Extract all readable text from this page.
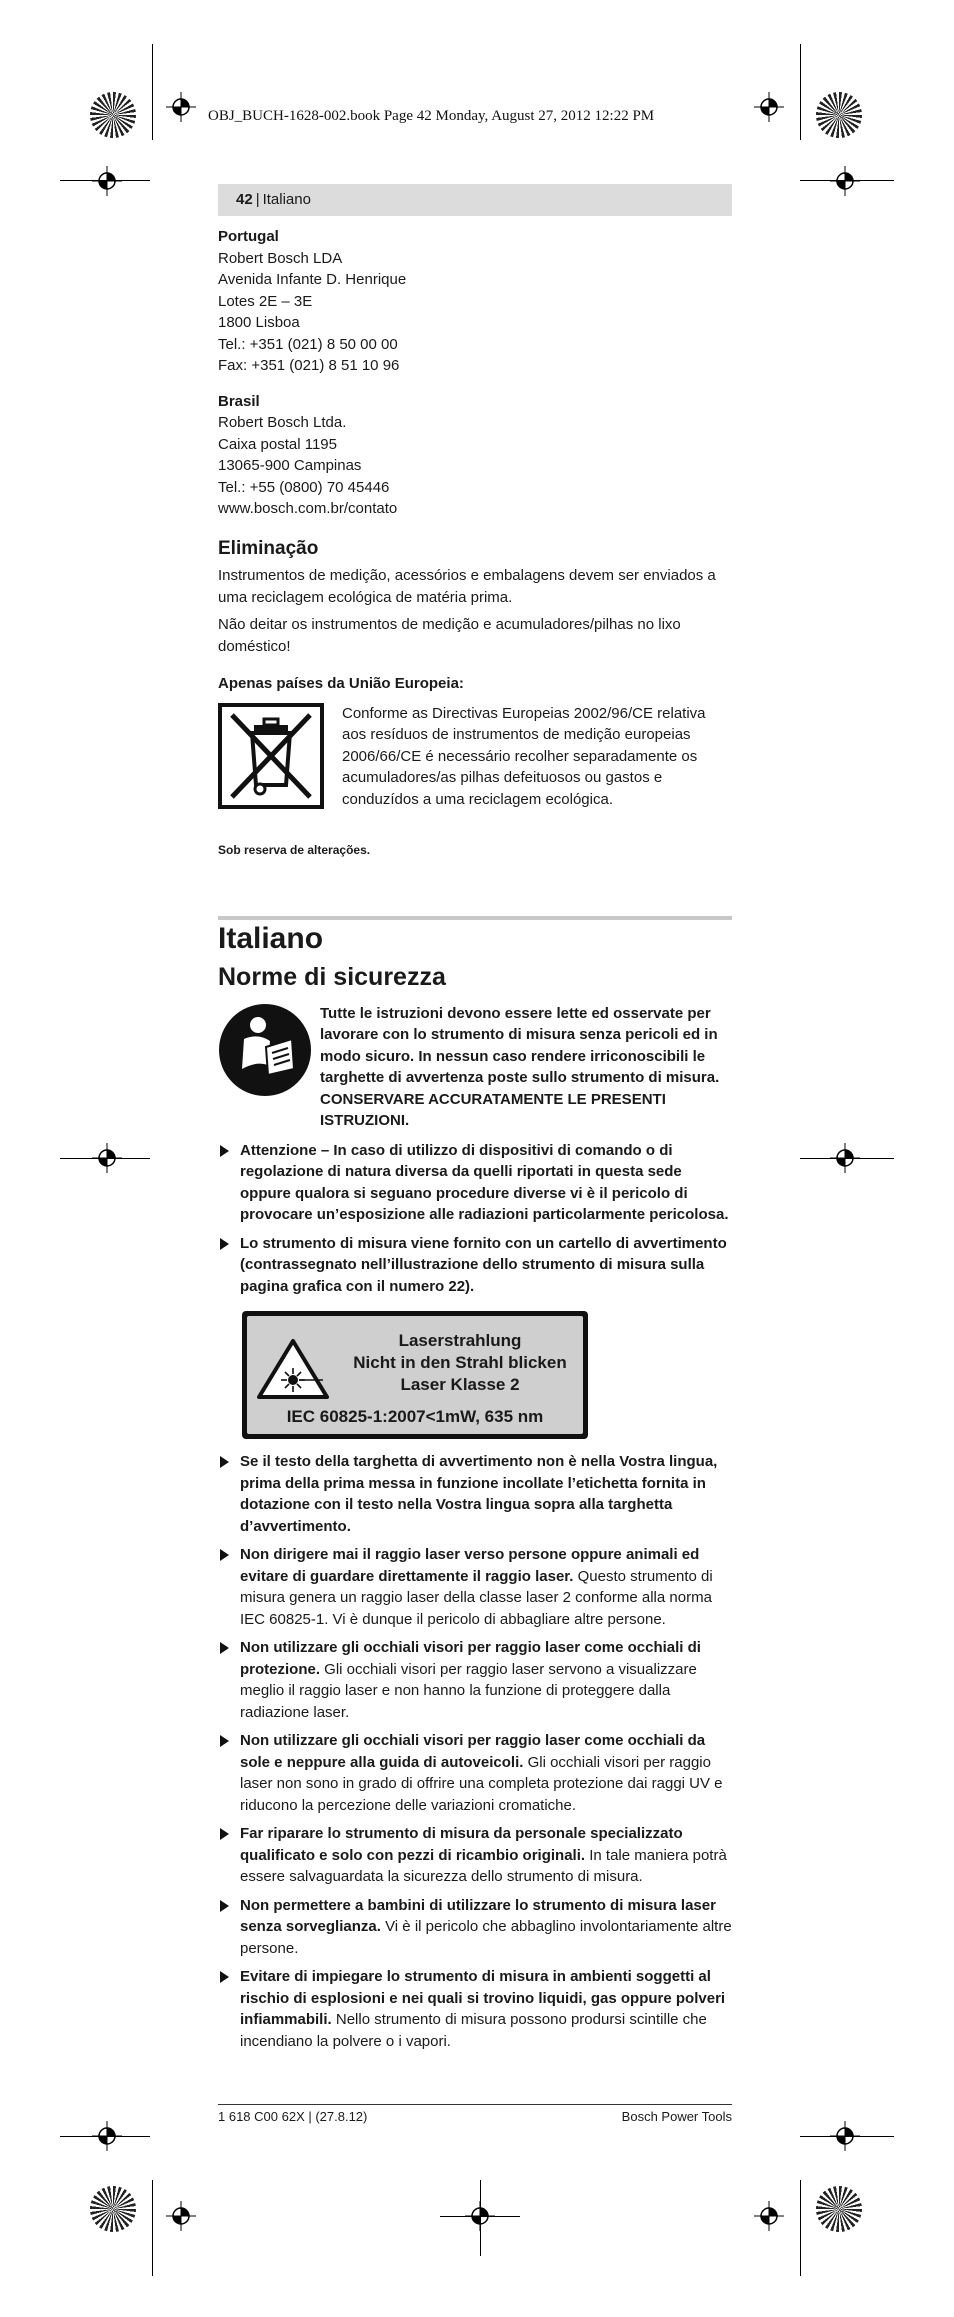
OBJ_BUCH-1628-002.book Page 42 Monday, August 27, 2012 12:22 PM
42 | Italiano

Portugal

Robert Bosch LDA

Avenida Infante D. Henrique

Lotes 2E – 3E

1800 Lisboa

Tel.: +351 (021) 8 50 00 00

Fax: +351 (021) 8 51 10 96

Brasil

Robert Bosch Ltda.

Caixa postal 1195

13065-900 Campinas

Tel.: +55 (0800) 70 45446

www.bosch.com.br/contato

Eliminação

Instrumentos de medição, acessórios e embalagens devem ser enviados a uma reciclagem ecológica de matéria prima.

Não deitar os instrumentos de medição e acumuladores/pilhas no lixo doméstico!

Apenas países da União Europeia:

Conforme as Directivas Europeias 2002/96/CE relativa aos resíduos de instrumentos de medição europeias 2006/66/CE é necessário recolher separadamente os acumuladores/as pilhas defeituosos ou gastos e conduzídos a uma reciclagem ecológica.

Sob reserva de alterações.

Italiano
Norme di sicurezza

Tutte le istruzioni devono essere lette ed osservate per lavorare con lo strumento di misura senza pericoli ed in modo sicuro. In nessun caso rendere irriconoscibili le targhette di avvertenza poste sullo strumento di misura. CONSERVARE ACCURATAMENTE LE PRESENTI ISTRUZIONI.

Attenzione – In caso di utilizzo di dispositivi di comando o di regolazione di natura diversa da quelli riportati in questa sede oppure qualora si seguano procedure diverse vi è il pericolo di provocare un’esposizione alle radiazioni particolarmente pericolosa.
Lo strumento di misura viene fornito con un cartello di avvertimento (contrassegnato nell’illustrazione dello strumento di misura sulla pagina grafica con il numero 22).
Laserstrahlung
Nicht in den Strahl blicken
Laser Klasse 2
IEC 60825-1:2007<1mW, 635 nm
Se il testo della targhetta di avvertimento non è nella Vostra lingua, prima della prima messa in funzione incollate l’etichetta fornita in dotazione con il testo nella Vostra lingua sopra alla targhetta d’avvertimento.
Non dirigere mai il raggio laser verso persone oppure animali ed evitare di guardare direttamente il raggio laser. Questo strumento di misura genera un raggio laser della classe laser 2 conforme alla norma IEC 60825-1. Vi è dunque il pericolo di abbagliare altre persone.
Non utilizzare gli occhiali visori per raggio laser come occhiali di protezione. Gli occhiali visori per raggio laser servono a visualizzare meglio il raggio laser e non hanno la funzione di proteggere dalla radiazione laser.
Non utilizzare gli occhiali visori per raggio laser come occhiali da sole e neppure alla guida di autoveicoli. Gli occhiali visori per raggio laser non sono in grado di offrire una completa protezione dai raggi UV e riducono la percezione delle variazioni cromatiche.
Far riparare lo strumento di misura da personale specializzato qualificato e solo con pezzi di ricambio originali. In tale maniera potrà essere salvaguardata la sicurezza dello strumento di misura.
Non permettere a bambini di utilizzare lo strumento di misura laser senza sorveglianza. Vi è il pericolo che abbaglino involontariamente altre persone.
Evitare di impiegare lo strumento di misura in ambienti soggetti al rischio di esplosioni e nei quali si trovino liquidi, gas oppure polveri infiammabili. Nello strumento di misura possono prodursi scintille che incendiano la polvere o i vapori.
1 618 C00 62X | (27.8.12)	Bosch Power Tools
